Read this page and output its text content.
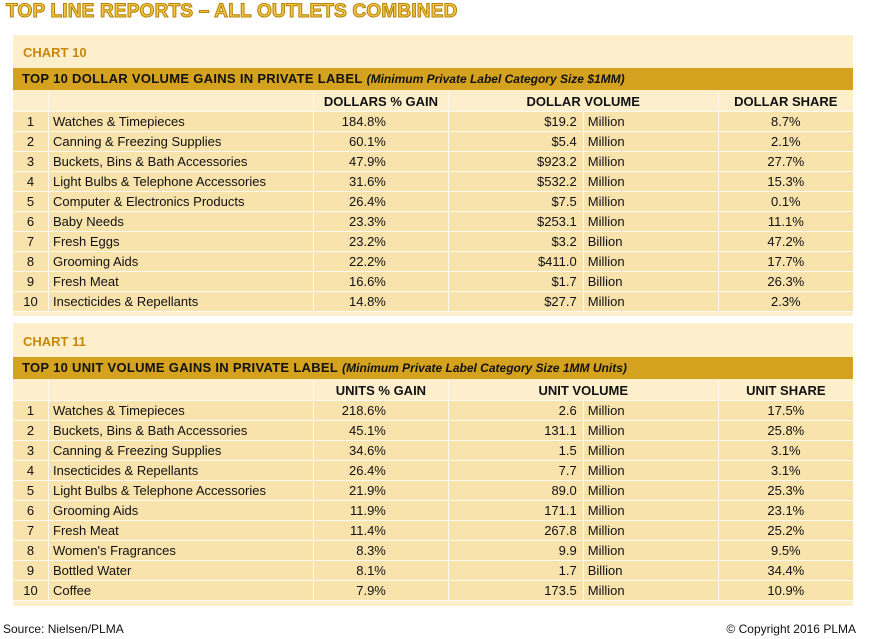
TOP LINE REPORTS – ALL OUTLETS COMBINED
CHART 10
TOP 10 DOLLAR VOLUME GAINS IN PRIVATE LABEL (Minimum Private Label Category Size $1MM)
		DOLLARS % GAIN	DOLLAR VOLUME		DOLLAR SHARE
1	Watches & Timepieces	184.8%	$19.2	Million	8.7%
2	Canning & Freezing Supplies	60.1%	$5.4	Million	2.1%
3	Buckets, Bins & Bath Accessories	47.9%	$923.2	Million	27.7%
4	Light Bulbs & Telephone Accessories	31.6%	$532.2	Million	15.3%
5	Computer & Electronics Products	26.4%	$7.5	Million	0.1%
6	Baby Needs	23.3%	$253.1	Million	11.1%
7	Fresh Eggs	23.2%	$3.2	Billion	47.2%
8	Grooming Aids	22.2%	$411.0	Million	17.7%
9	Fresh Meat	16.6%	$1.7	Billion	26.3%
10	Insecticides & Repellants	14.8%	$27.7	Million	2.3%
CHART 11
TOP 10 UNIT VOLUME GAINS IN PRIVATE LABEL (Minimum Private Label Category Size 1MM Units)
		UNITS % GAIN	UNIT VOLUME		UNIT SHARE
1	Watches & Timepieces	218.6%	2.6	Million	17.5%
2	Buckets, Bins & Bath Accessories	45.1%	131.1	Million	25.8%
3	Canning & Freezing Supplies	34.6%	1.5	Million	3.1%
4	Insecticides & Repellants	26.4%	7.7	Million	3.1%
5	Light Bulbs & Telephone Accessories	21.9%	89.0	Million	25.3%
6	Grooming Aids	11.9%	171.1	Million	23.1%
7	Fresh Meat	11.4%	267.8	Million	25.2%
8	Women's Fragrances	8.3%	9.9	Million	9.5%
9	Bottled Water	8.1%	1.7	Billion	34.4%
10	Coffee	7.9%	173.5	Million	10.9%
Source: Nielsen/PLMA	© Copyright 2016 PLMA
